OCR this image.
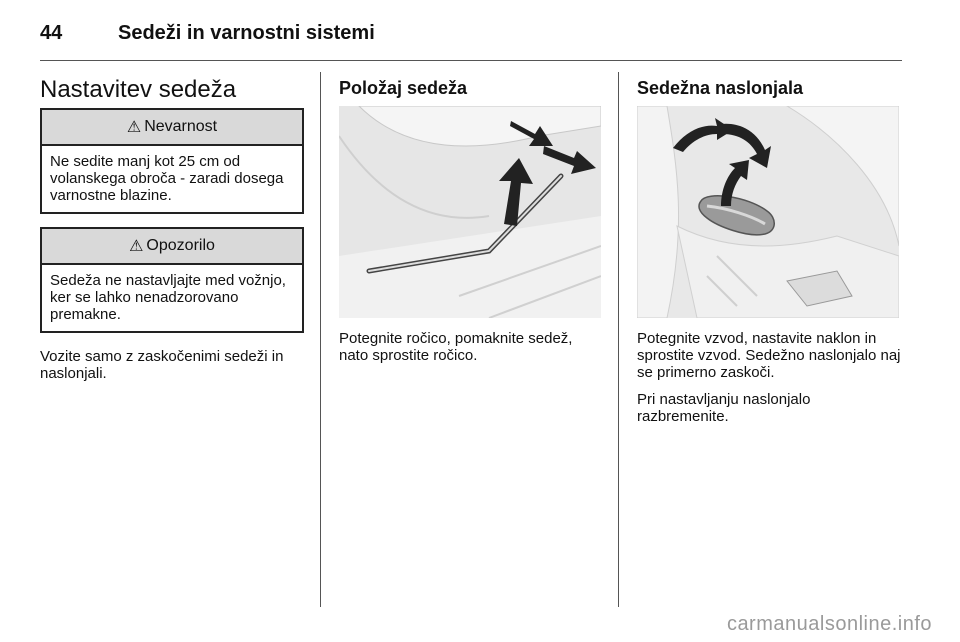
44	Sedeži in varnostni sistemi
Nastavitev sedeža
⚠ Nevarnost
Ne sedite manj kot 25 cm od volanskega obroča - zaradi dosega varnostne blazine.
⚠ Opozorilo
Sedeža ne nastavljajte med vožnjo, ker se lahko nenadzorovano premakne.
Vozite samo z zaskočenimi sedeži in naslonjali.
Položaj sedeža
Potegnite ročico, pomaknite sedež, nato sprostite ročico.
Sedežna naslonjala
Potegnite vzvod, nastavite naklon in sprostite vzvod. Sedežno naslonjalo naj se primerno zaskoči.
Pri nastavljanju naslonjalo razbremenite.
carmanualsonline.info
